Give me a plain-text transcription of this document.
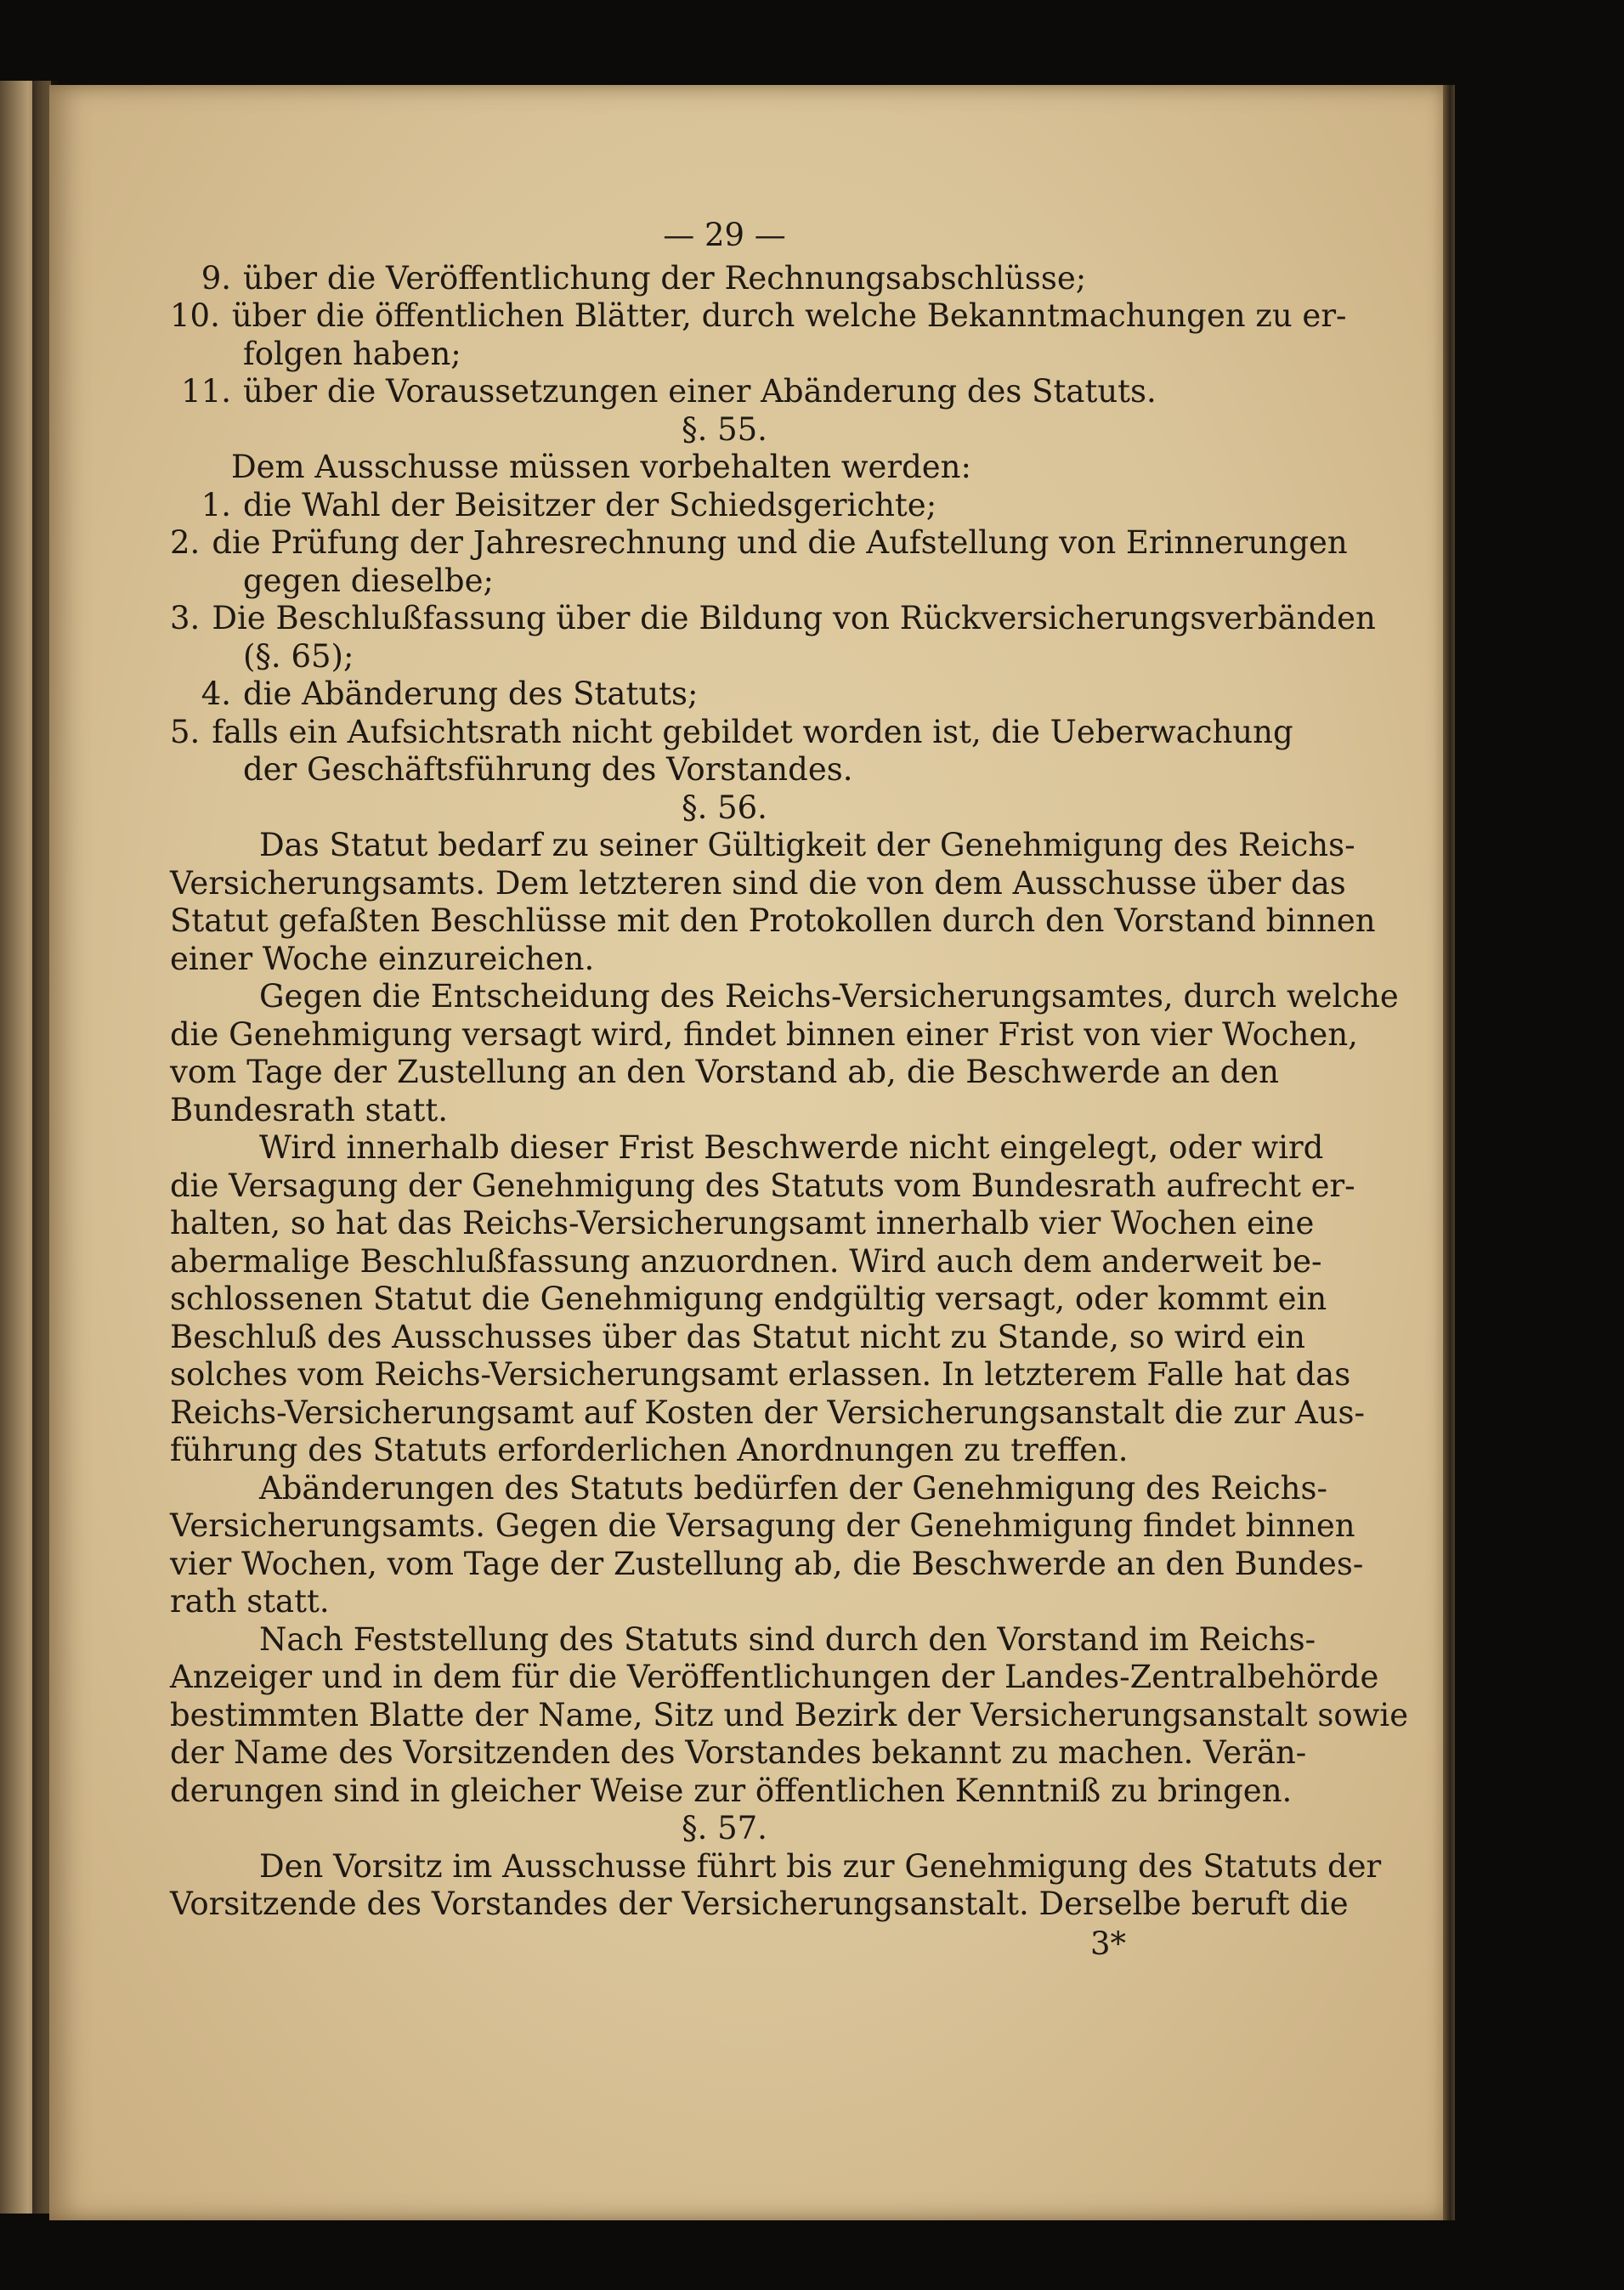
— 29 —
9. über die Veröffentlichung der Rechnungsabschlüsse;
10. über die öffentlichen Blätter, durch welche Bekanntmachungen zu er-
folgen haben;
11. über die Voraussetzungen einer Abänderung des Statuts.
§. 55.
Dem Ausschusse müssen vorbehalten werden:
1. die Wahl der Beisitzer der Schiedsgerichte;
2. die Prüfung der Jahresrechnung und die Aufstellung von Erinnerungen
gegen dieselbe;
3. Die Beschlußfassung über die Bildung von Rückversicherungsverbänden
(§. 65);
4. die Abänderung des Statuts;
5. falls ein Aufsichtsrath nicht gebildet worden ist, die Ueberwachung
der Geschäftsführung des Vorstandes.
§. 56.
Das Statut bedarf zu seiner Gültigkeit der Genehmigung des Reichs-
Versicherungsamts. Dem letzteren sind die von dem Ausschusse über das
Statut gefaßten Beschlüsse mit den Protokollen durch den Vorstand binnen
einer Woche einzureichen.
Gegen die Entscheidung des Reichs-Versicherungsamtes, durch welche
die Genehmigung versagt wird, findet binnen einer Frist von vier Wochen,
vom Tage der Zustellung an den Vorstand ab, die Beschwerde an den
Bundesrath statt.
Wird innerhalb dieser Frist Beschwerde nicht eingelegt, oder wird
die Versagung der Genehmigung des Statuts vom Bundesrath aufrecht er-
halten, so hat das Reichs-Versicherungsamt innerhalb vier Wochen eine
abermalige Beschlußfassung anzuordnen. Wird auch dem anderweit be-
schlossenen Statut die Genehmigung endgültig versagt, oder kommt ein
Beschluß des Ausschusses über das Statut nicht zu Stande, so wird ein
solches vom Reichs-Versicherungsamt erlassen. In letzterem Falle hat das
Reichs-Versicherungsamt auf Kosten der Versicherungsanstalt die zur Aus-
führung des Statuts erforderlichen Anordnungen zu treffen.
Abänderungen des Statuts bedürfen der Genehmigung des Reichs-
Versicherungsamts. Gegen die Versagung der Genehmigung findet binnen
vier Wochen, vom Tage der Zustellung ab, die Beschwerde an den Bundes-
rath statt.
Nach Feststellung des Statuts sind durch den Vorstand im Reichs-
Anzeiger und in dem für die Veröffentlichungen der Landes-Zentralbehörde
bestimmten Blatte der Name, Sitz und Bezirk der Versicherungsanstalt sowie
der Name des Vorsitzenden des Vorstandes bekannt zu machen. Verän-
derungen sind in gleicher Weise zur öffentlichen Kenntniß zu bringen.
§. 57.
Den Vorsitz im Ausschusse führt bis zur Genehmigung des Statuts der
Vorsitzende des Vorstandes der Versicherungsanstalt. Derselbe beruft die
3*
